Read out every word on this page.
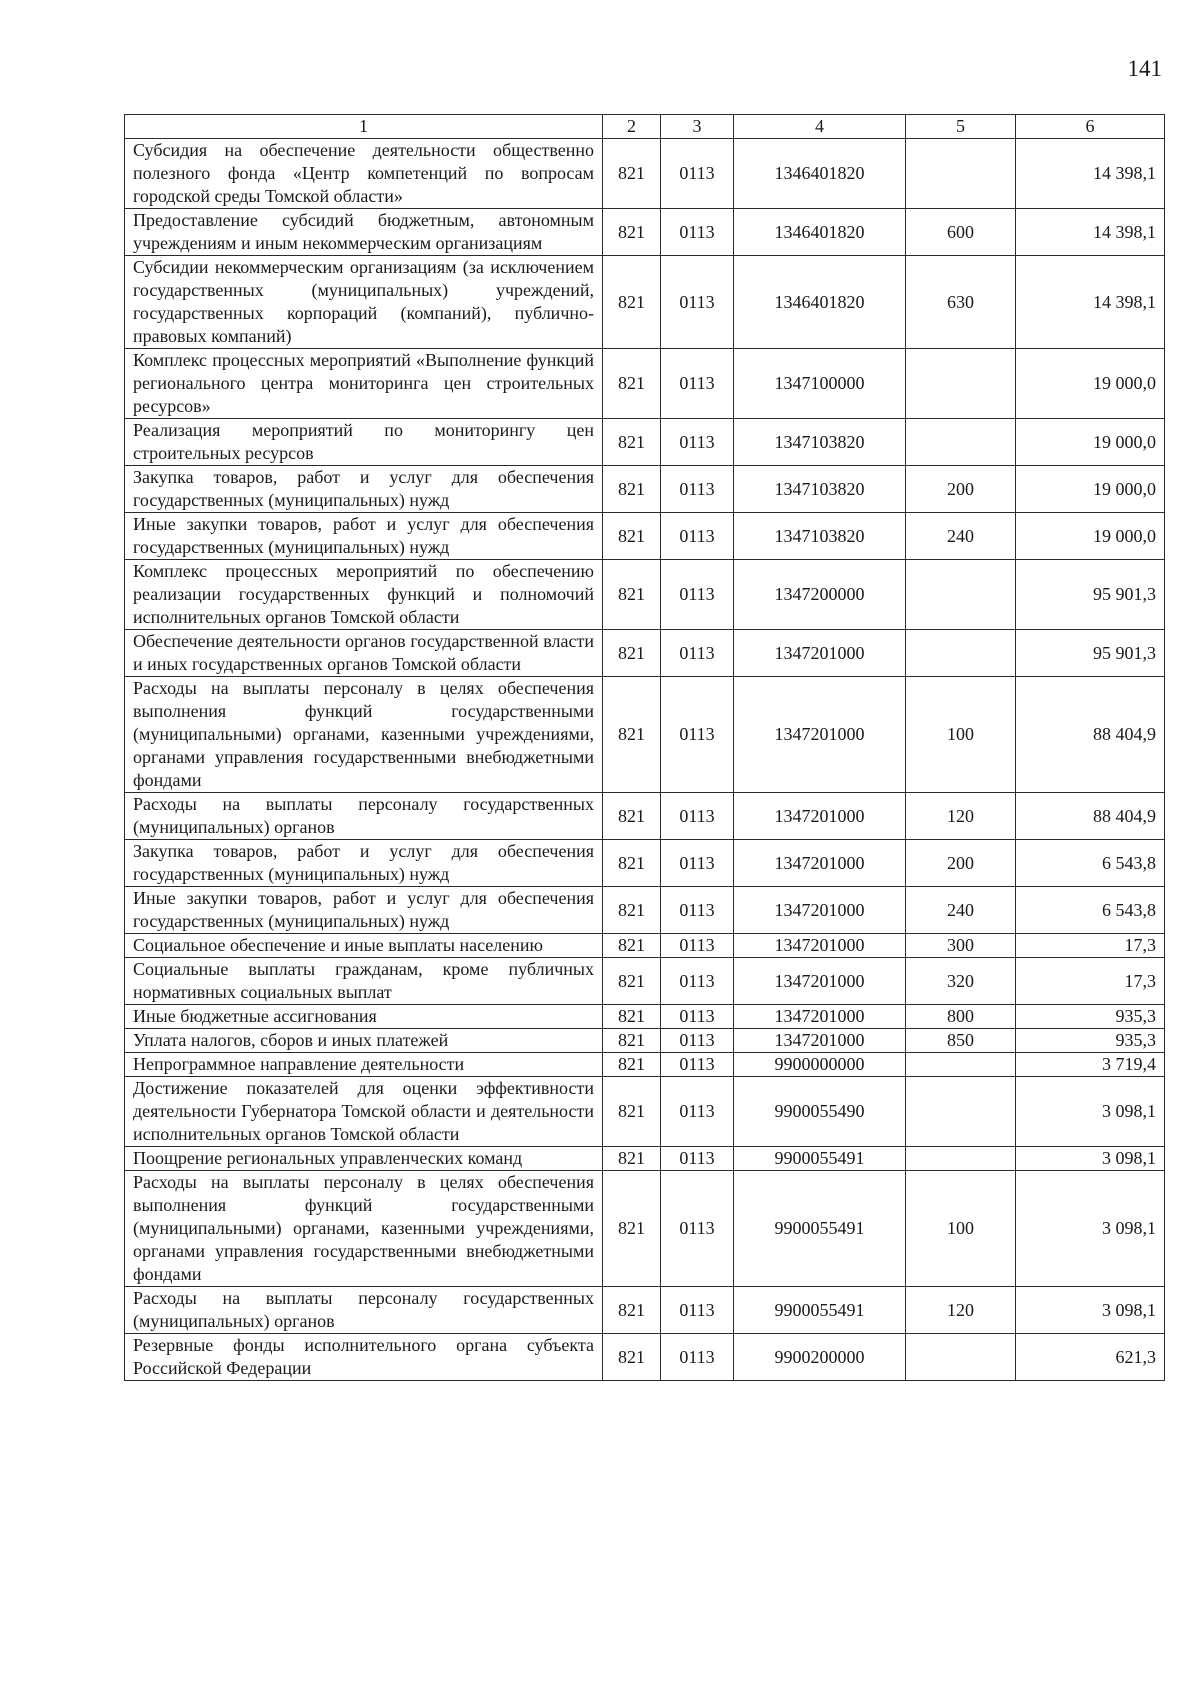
141
1	2	3	4	5	6
Субсидия на обеспечение деятельности общественно полезного фонда «Центр компетенций по вопросам городской среды Томской области»	821	0113	1346401820		14 398,1
Предоставление субсидий бюджетным, автономным учреждениям и иным некоммерческим организациям	821	0113	1346401820	600	14 398,1
Субсидии некоммерческим организациям (за исключением государственных (муниципальных) учреждений, государственных корпораций (компаний), публично-правовых компаний)	821	0113	1346401820	630	14 398,1
Комплекс процессных мероприятий «Выполнение функций регионального центра мониторинга цен строительных ресурсов»	821	0113	1347100000		19 000,0
Реализация мероприятий по мониторингу цен строительных ресурсов	821	0113	1347103820		19 000,0
Закупка товаров, работ и услуг для обеспечения государственных (муниципальных) нужд	821	0113	1347103820	200	19 000,0
Иные закупки товаров, работ и услуг для обеспечения государственных (муниципальных) нужд	821	0113	1347103820	240	19 000,0
Комплекс процессных мероприятий по обеспечению реализации государственных функций и полномочий исполнительных органов Томской области	821	0113	1347200000		95 901,3
Обеспечение деятельности органов государственной власти и иных государственных органов Томской области	821	0113	1347201000		95 901,3
Расходы на выплаты персоналу в целях обеспечения выполнения функций государственными (муниципальными) органами, казенными учреждениями, органами управления государственными внебюджетными фондами	821	0113	1347201000	100	88 404,9
Расходы на выплаты персоналу государственных (муниципальных) органов	821	0113	1347201000	120	88 404,9
Закупка товаров, работ и услуг для обеспечения государственных (муниципальных) нужд	821	0113	1347201000	200	6 543,8
Иные закупки товаров, работ и услуг для обеспечения государственных (муниципальных) нужд	821	0113	1347201000	240	6 543,8
Социальное обеспечение и иные выплаты населению	821	0113	1347201000	300	17,3
Социальные выплаты гражданам, кроме публичных нормативных социальных выплат	821	0113	1347201000	320	17,3
Иные бюджетные ассигнования	821	0113	1347201000	800	935,3
Уплата налогов, сборов и иных платежей	821	0113	1347201000	850	935,3
Непрограммное направление деятельности	821	0113	9900000000		3 719,4
Достижение показателей для оценки эффективности деятельности Губернатора Томской области и деятельности исполнительных органов Томской области	821	0113	9900055490		3 098,1
Поощрение региональных управленческих команд	821	0113	9900055491		3 098,1
Расходы на выплаты персоналу в целях обеспечения выполнения функций государственными (муниципальными) органами, казенными учреждениями, органами управления государственными внебюджетными фондами	821	0113	9900055491	100	3 098,1
Расходы на выплаты персоналу государственных (муниципальных) органов	821	0113	9900055491	120	3 098,1
Резервные фонды исполнительного органа субъекта Российской Федерации	821	0113	9900200000		621,3
